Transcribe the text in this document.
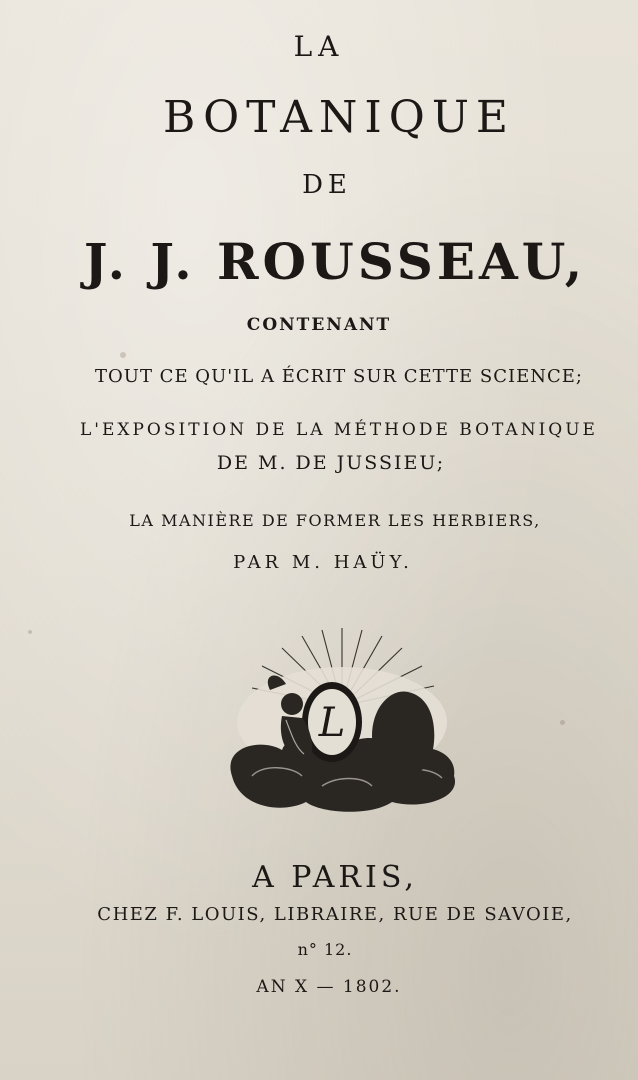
LA
BOTANIQUE
DE
J. J. ROUSSEAU,
CONTENANT
TOUT CE QU'IL A ÉCRIT SUR CETTE SCIENCE;
L'EXPOSITION DE LA MÉTHODE BOTANIQUE
DE M. DE JUSSIEU;
LA MANIÈRE DE FORMER LES HERBIERS,
PAR M. HAÜY.
L
A PARIS,
CHEZ F. LOUIS, LIBRAIRE, RUE DE SAVOIE,
n° 12.
AN X — 1802.
